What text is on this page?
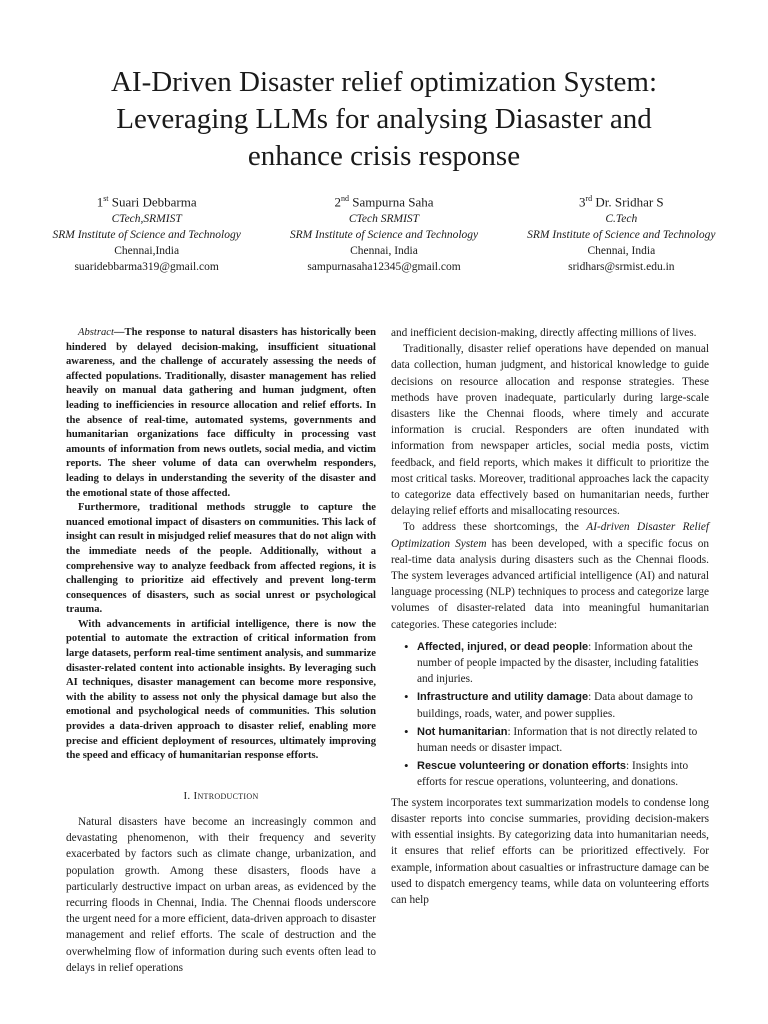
AI-Driven Disaster relief optimization System:
Leveraging LLMs for analysing Diasaster and
enhance crisis response
1st Suari Debbarma
CTech,SRMIST
SRM Institute of Science and Technology
Chennai,India
suaridebbarma319@gmail.com
2nd Sampurna Saha
CTech SRMIST
SRM Institute of Science and Technology
Chennai, India
sampurnasaha12345@gmail.com
3rd Dr. Sridhar S
C.Tech
SRM Institute of Science and Technology
Chennai, India
sridhars@srmist.edu.in

Abstract—The response to natural disasters has historically been hindered by delayed decision-making, insufficient situational awareness, and the challenge of accurately assessing the needs of affected populations. Traditionally, disaster management has relied heavily on manual data gathering and human judgment, often leading to inefficiencies in resource allocation and relief efforts. In the absence of real-time, automated systems, governments and humanitarian organizations face difficulty in processing vast amounts of information from news outlets, social media, and victim reports. The sheer volume of data can overwhelm responders, leading to delays in understanding the severity of the disaster and the emotional state of those affected.

Furthermore, traditional methods struggle to capture the nuanced emotional impact of disasters on communities. This lack of insight can result in misjudged relief measures that do not align with the immediate needs of the people. Additionally, without a comprehensive way to analyze feedback from affected regions, it is challenging to prioritize aid effectively and prevent long-term consequences of disasters, such as social unrest or psychological trauma.

With advancements in artificial intelligence, there is now the potential to automate the extraction of critical information from large datasets, perform real-time sentiment analysis, and summarize disaster-related content into actionable insights. By leveraging such AI techniques, disaster management can become more responsive, with the ability to assess not only the physical damage but also the emotional and psychological needs of communities. This solution provides a data-driven approach to disaster relief, enabling more precise and efficient deployment of resources, ultimately improving the speed and efficacy of humanitarian response efforts.

I. Introduction

Natural disasters have become an increasingly common and devastating phenomenon, with their frequency and severity exacerbated by factors such as climate change, urbanization, and population growth. Among these disasters, floods have a particularly destructive impact on urban areas, as evidenced by the recurring floods in Chennai, India. The Chennai floods underscore the urgent need for a more efficient, data-driven approach to disaster management and relief efforts. The scale of destruction and the overwhelming flow of information during such events often lead to delays in relief operations

and inefficient decision-making, directly affecting millions of lives.

Traditionally, disaster relief operations have depended on manual data collection, human judgment, and historical knowledge to guide decisions on resource allocation and response strategies. These methods have proven inadequate, particularly during large-scale disasters like the Chennai floods, where timely and accurate information is crucial. Responders are often inundated with information from newspaper articles, social media posts, victim feedback, and field reports, which makes it difficult to prioritize the most critical tasks. Moreover, traditional approaches lack the capacity to categorize data effectively based on humanitarian needs, further delaying relief efforts and misallocating resources.

To address these shortcomings, the AI-driven Disaster Relief Optimization System has been developed, with a specific focus on real-time data analysis during disasters such as the Chennai floods. The system leverages advanced artificial intelligence (AI) and natural language processing (NLP) techniques to process and categorize large volumes of disaster-related data into meaningful humanitarian categories. These categories include:

• Affected, injured, or dead people: Information about the number of people impacted by the disaster, including fatalities and injuries.
• Infrastructure and utility damage: Data about damage to buildings, roads, water, and power supplies.
• Not humanitarian: Information that is not directly related to human needs or disaster impact.
• Rescue volunteering or donation efforts: Insights into efforts for rescue operations, volunteering, and donations.

The system incorporates text summarization models to condense long disaster reports into concise summaries, providing decision-makers with essential insights. By categorizing data into humanitarian needs, it ensures that relief efforts can be prioritized effectively. For example, information about casualties or infrastructure damage can be used to dispatch emergency teams, while data on volunteering efforts can help
